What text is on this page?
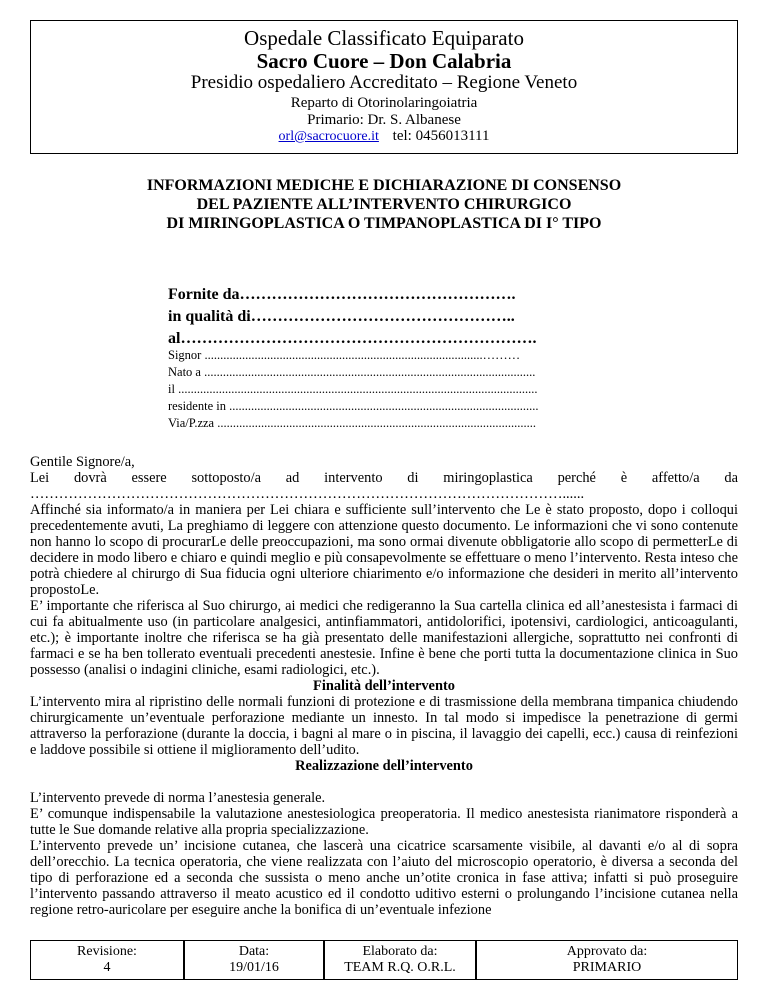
Ospedale Classificato Equiparato
Sacro Cuore – Don Calabria
Presidio ospedaliero Accreditato – Regione Veneto
Reparto di Otorinolaringoiatria
Primario: Dr. S. Albanese
orl@sacrocuore.it tel: 0456013111
INFORMAZIONI MEDICHE E DICHIARAZIONE DI CONSENSO
DEL PAZIENTE ALL’INTERVENTO CHIRURGICO
DI MIRINGOPLASTICA O TIMPANOPLASTICA DI I° TIPO
Fornite da…………………………………………….
in qualità di…………………………………………..
al………………………………………………………….
Signor .........................................................................................………
Nato a ..........................................................................................................
il ...................................................................................................................
residente in ...................................................................................................
Via/P.zza ......................................................................................................
Gentile Signore/a,
Lei dovrà essere sottoposto/a ad intervento di miringoplastica perché è affetto/a da
…………………………………………………………………………………………………......

Affinché sia informato/a in maniera per Lei chiara e sufficiente sull’intervento che Le è stato proposto, dopo i colloqui precedentemente avuti, La preghiamo di leggere con attenzione questo documento. Le informazioni che vi sono contenute non hanno lo scopo di procurarLe delle preoccupazioni, ma sono ormai divenute obbligatorie allo scopo di permetterLe di decidere in modo libero e chiaro e quindi meglio e più consapevolmente se effettuare o meno l’intervento. Resta inteso che potrà chiedere al chirurgo di Sua fiducia ogni ulteriore chiarimento e/o informazione che desideri in merito all’intervento propostoLe.

E’ importante che riferisca al Suo chirurgo, ai medici che redigeranno la Sua cartella clinica ed all’anestesista i farmaci di cui fa abitualmente uso (in particolare analgesici, antinfiammatori, antidolorifici, ipotensivi, cardiologici, anticoagulanti, etc.); è importante inoltre che riferisca se ha già presentato delle manifestazioni allergiche, soprattutto nei confronti di farmaci e se ha ben tollerato eventuali precedenti anestesie. Infine è bene che porti tutta la documentazione clinica in Suo possesso (analisi o indagini cliniche, esami radiologici, etc.).

Finalità dell’intervento

L’intervento mira al ripristino delle normali funzioni di protezione e di trasmissione della membrana timpanica chiudendo chirurgicamente un’eventuale perforazione mediante un innesto. In tal modo si impedisce la penetrazione di germi attraverso la perforazione (durante la doccia, i bagni al mare o in piscina, il lavaggio dei capelli, ecc.) causa di reinfezioni e laddove possibile si ottiene il miglioramento dell’udito.

Realizzazione dell’intervento

L’intervento prevede di norma l’anestesia generale.

E’ comunque indispensabile la valutazione anestesiologica preoperatoria. Il medico anestesista rianimatore risponderà a tutte le Sue domande relative alla propria specializzazione.

L’intervento prevede un’ incisione cutanea, che lascerà una cicatrice scarsamente visibile, al davanti e/o al di sopra dell’orecchio. La tecnica operatoria, che viene realizzata con l’aiuto del microscopio operatorio, è diversa a seconda del tipo di perforazione ed a seconda che sussista o meno anche un’otite cronica in fase attiva; infatti si può proseguire l’intervento passando attraverso il meato acustico ed il condotto uditivo esterni o prolungando l’incisione cutanea nella regione retro-auricolare per eseguire anche la bonifica di un’eventuale infezione

Revisione:
4
Data:
19/01/16
Elaborato da:
TEAM R.Q. O.R.L.
Approvato da:
PRIMARIO
